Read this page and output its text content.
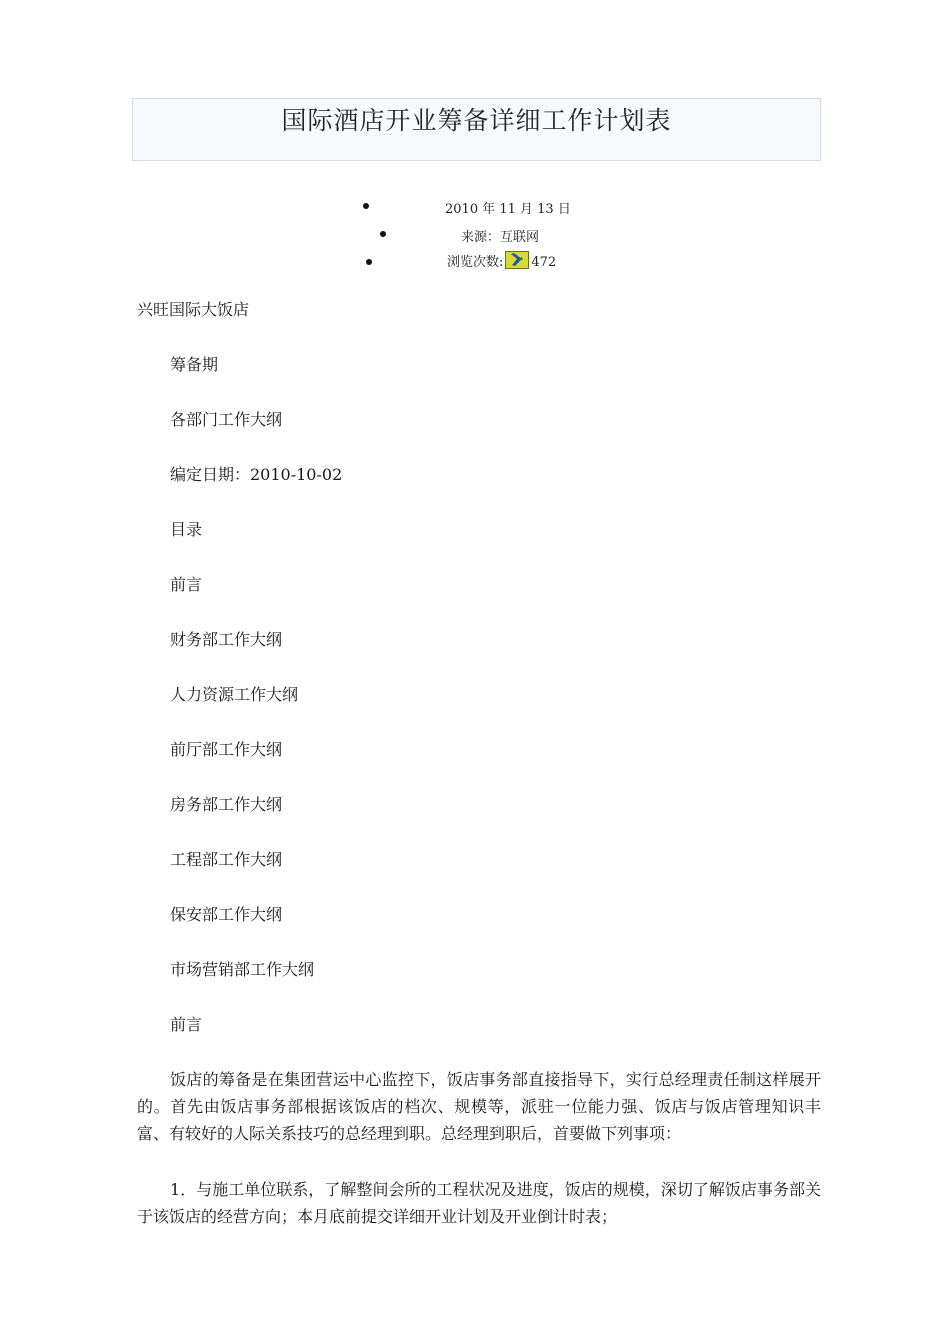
国际酒店开业筹备详细工作计划表
2010 年 11 月 13 日
来源：互联网
浏览次数: 472
兴旺国际大饭店
筹备期
各部门工作大纲
编定日期：2010-10-02
目录
前言
财务部工作大纲
人力资源工作大纲
前厅部工作大纲
房务部工作大纲
工程部工作大纲
保安部工作大纲
市场营销部工作大纲
前言
饭店的筹备是在集团营运中心监控下，饭店事务部直接指导下，实行总经理责任制这样展开的。首先由饭店事务部根据该饭店的档次、规模等，派驻一位能力强、饭店与饭店管理知识丰富、有较好的人际关系技巧的总经理到职。总经理到职后，首要做下列事项：
1．与施工单位联系，了解整间会所的工程状况及进度，饭店的规模，深切了解饭店事务部关于该饭店的经营方向；本月底前提交详细开业计划及开业倒计时表；
